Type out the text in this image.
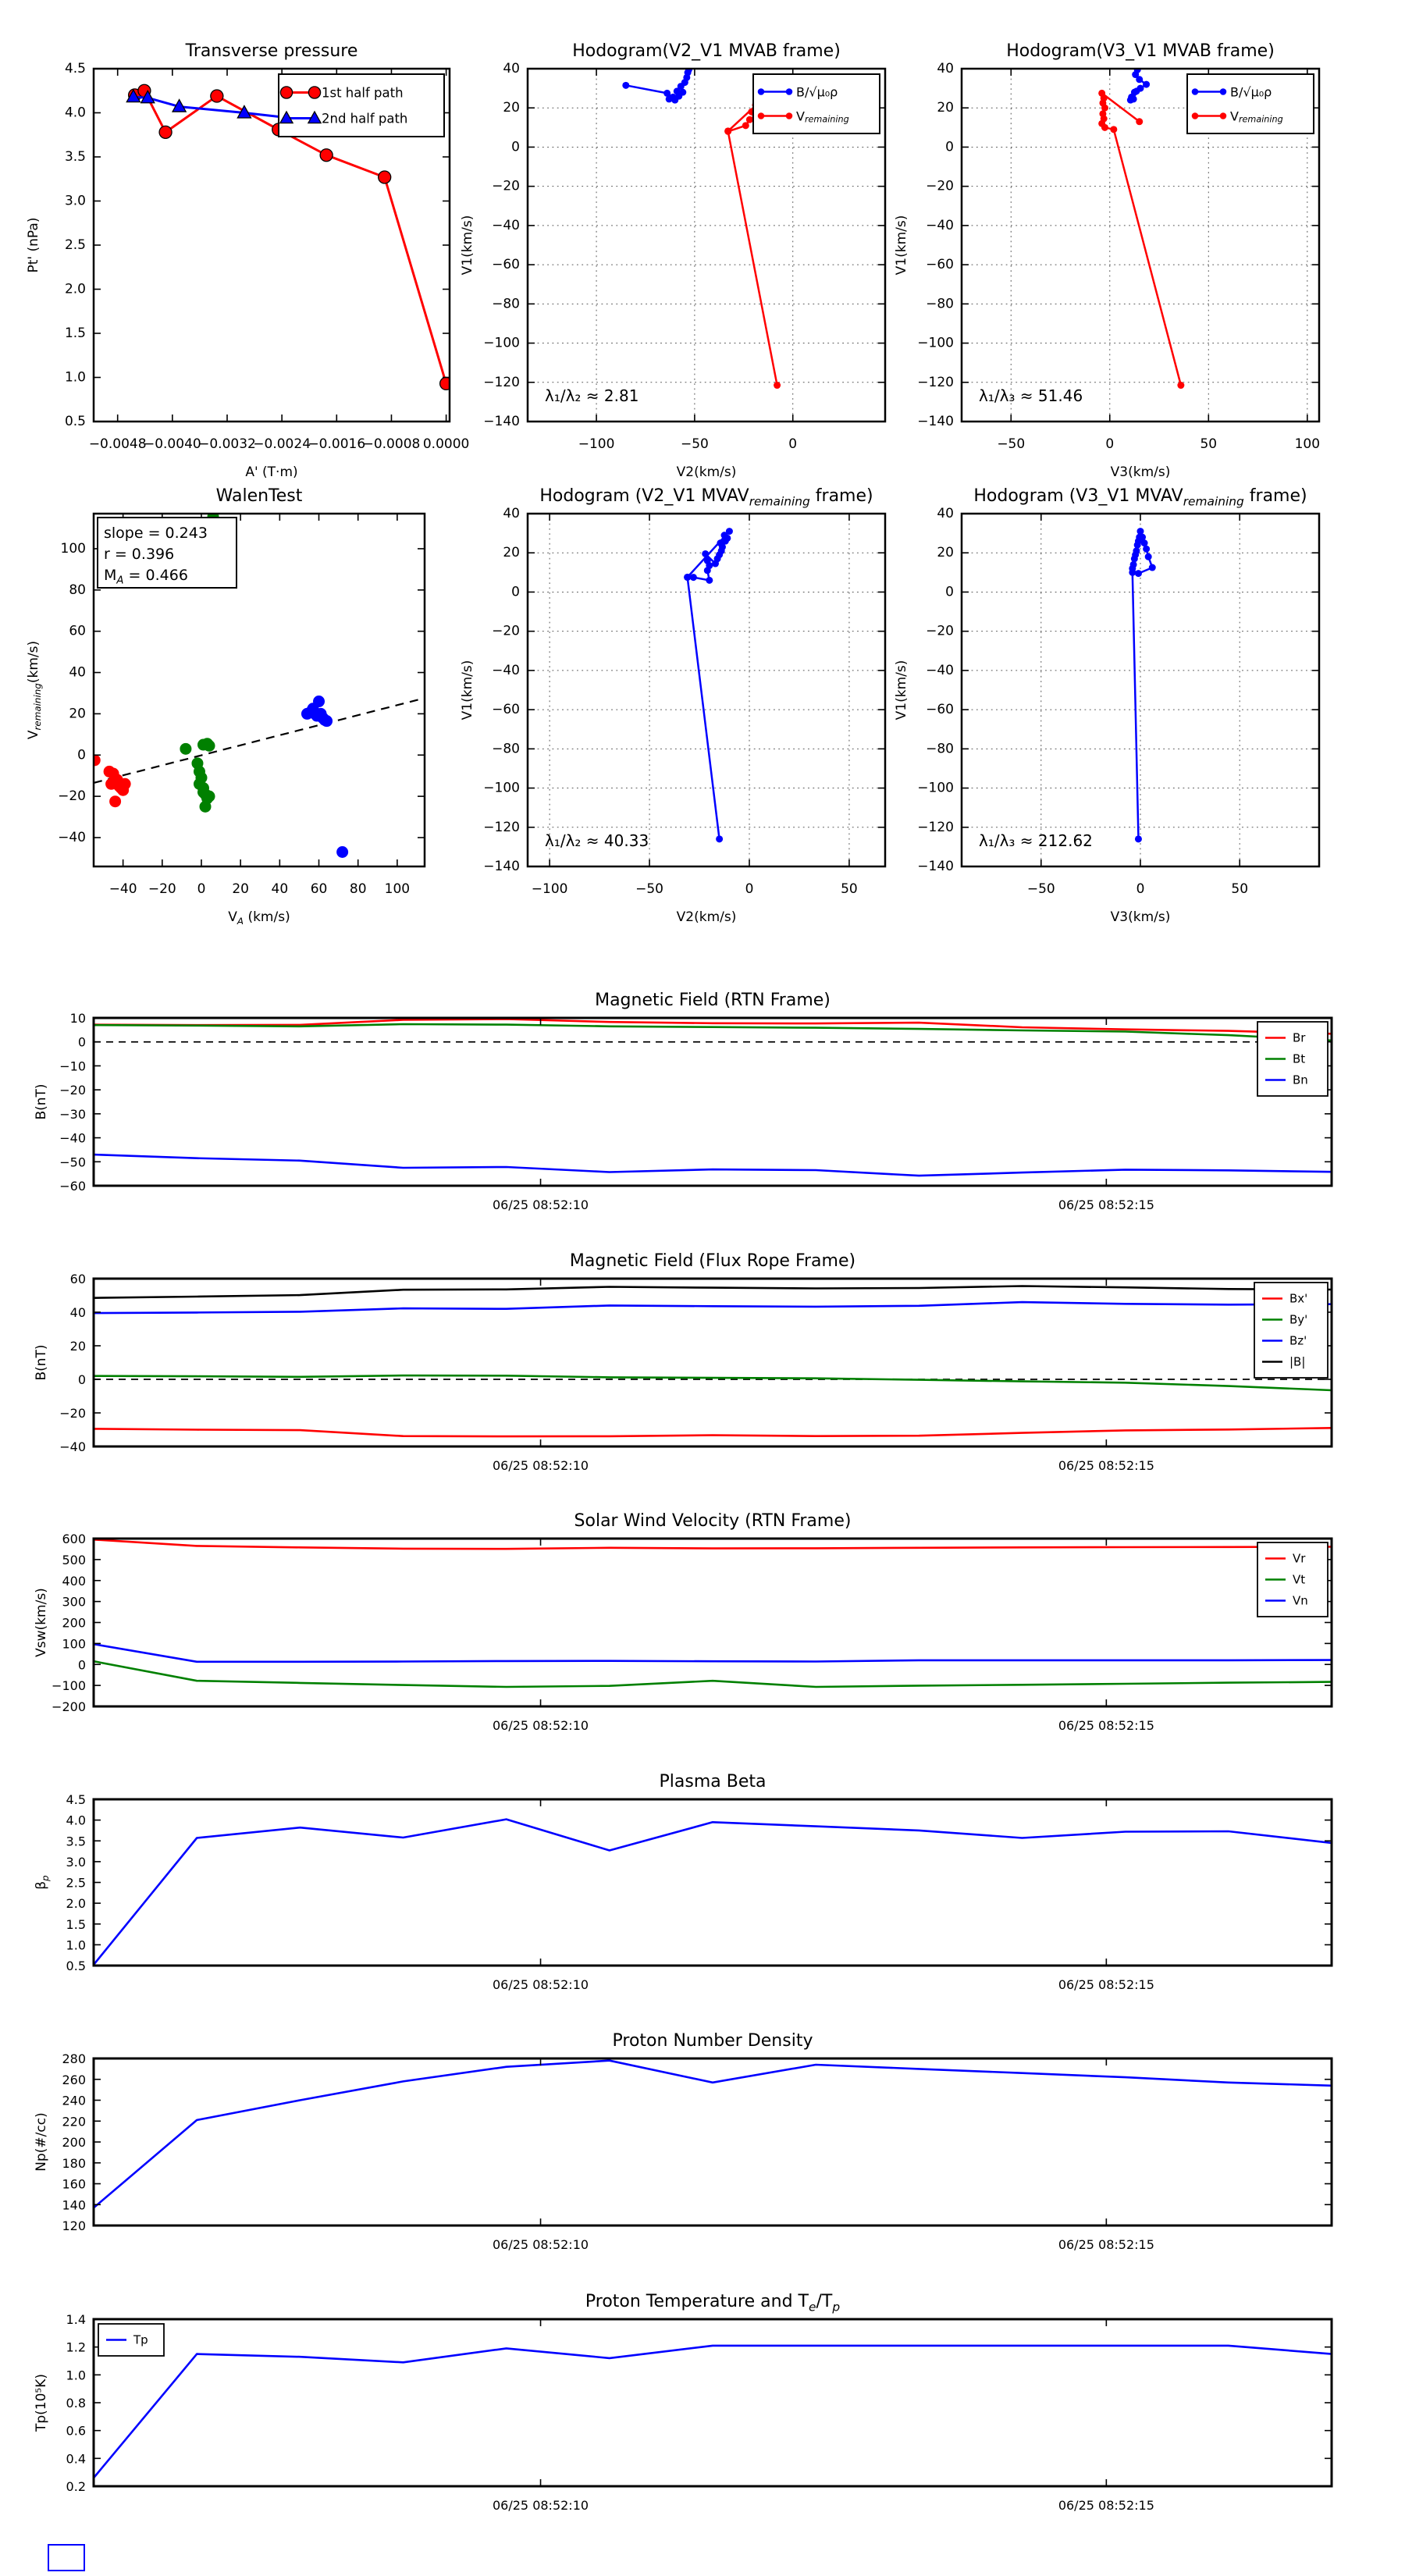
−0.0048
−0.0040
−0.0032
−0.0024
−0.0016
−0.0008 0.0000
0.5
1.0
1.5
2.0
2.5
3.0
3.5
4.0
4.5
Transverse pressure
A' (T·m)
Pt' (nPa)
1st half path
2nd half path
−100	−50	0
40
20
0
−20
−40
−60
−80
−100
−120
−140
Hodogram(V2_V1 MVAB frame)
V2(km/s)
V1(km/s)
λ₁/λ₂ ≈ 2.81
B/√μ₀ρ
$V_{remaining}$
−50	0	50	100
40
20
0
−20
−40
−60
−80
−100
−120
−140
Hodogram(V3_V1 MVAB frame)
V3(km/s)
V1(km/s)
λ₁/λ₃ ≈ 51.46
B/√μ₀ρ
$V_{remaining}$
−40 −20 0 20 40 60 80 100
−40
−20
0
20
40
60
80
100
WalenTest
$V_A$ (km/s)
$V_{remaining}(km/s)$
slope = 0.243
r = 0.396
$M_A = 0.466$
−100	−50	0	50
40
20
0
−20
−40
−60
−80
−100
−120
−140
Hodogram (V2_V1 $MVAV_{remaining}$ frame)
V2(km/s)
V1(km/s)
λ₁/λ₂ ≈ 40.33
−50	0	50
40
20
0
−20
−40
−60
−80
−100
−120
−140
Hodogram (V3_V1 $MVAV_{remaining}$ frame)
V3(km/s)
V1(km/s)
λ₁/λ₃ ≈ 212.62
06/25 08:52:10	06/25 08:52:15
10
0
−10
−20
−30
−40
−50
−60
Magnetic Field (RTN Frame)
B(nT)
Br
Bt
Bn
06/25 08:52:10	06/25 08:52:15
60
40
20
0
−20
−40
Magnetic Field (Flux Rope Frame)
B(nT)
Bx'
By'
Bz'
|B|
06/25 08:52:10	06/25 08:52:15
600
500
400
300
200
100
0
−100
−200
Solar Wind Velocity (RTN Frame)
Vsw(km/s)
Vr
Vt
Vn
06/25 08:52:10	06/25 08:52:15
4.5
4.0
3.5
3.0
2.5
2.0
1.5
1.0
0.5
Plasma Beta
$\beta_p$
06/25 08:52:10	06/25 08:52:15
280
260
240
220
200
180
160
140
120
Proton Number Density
Np(#/cc)
06/25 08:52:10	06/25 08:52:15
1.4
1.2
1.0
0.8
0.6
0.4
0.2
Proton Temperature and $T_e/T_p$
Tp(10⁵K)
Tp
